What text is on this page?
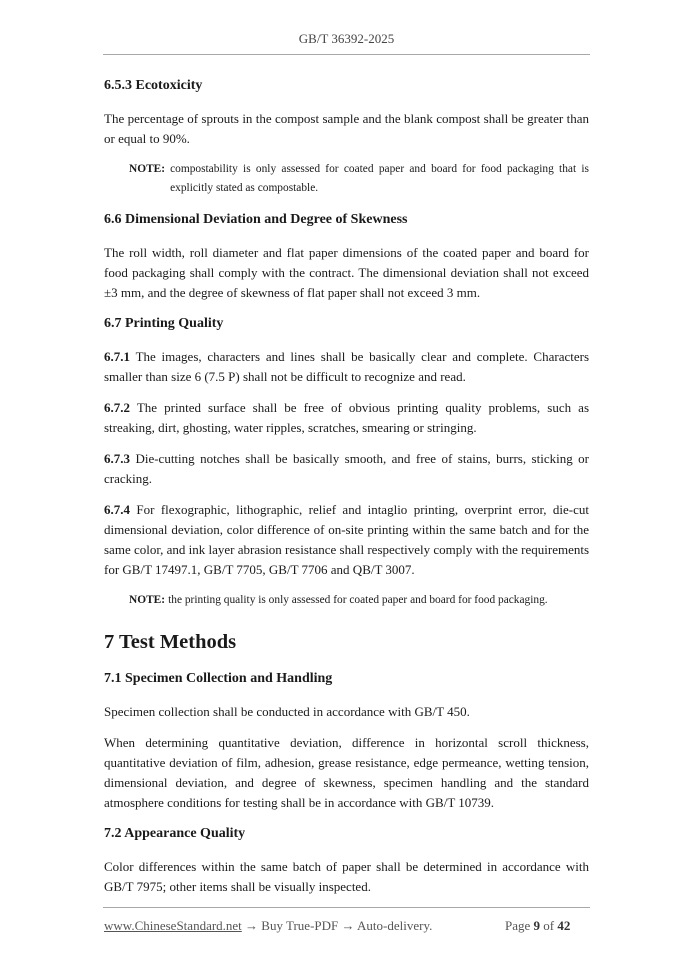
GB/T 36392-2025
6.5.3 Ecotoxicity

The percentage of sprouts in the compost sample and the blank compost shall be greater than or equal to 90%.

NOTE: compostability is only assessed for coated paper and board for food packaging that is explicitly stated as compostable.
6.6 Dimensional Deviation and Degree of Skewness

The roll width, roll diameter and flat paper dimensions of the coated paper and board for food packaging shall comply with the contract. The dimensional deviation shall not exceed ±3 mm, and the degree of skewness of flat paper shall not exceed 3 mm.

6.7 Printing Quality

6.7.1 The images, characters and lines shall be basically clear and complete. Characters smaller than size 6 (7.5 P) shall not be difficult to recognize and read.

6.7.2 The printed surface shall be free of obvious printing quality problems, such as streaking, dirt, ghosting, water ripples, scratches, smearing or stringing.

6.7.3 Die-cutting notches shall be basically smooth, and free of stains, burrs, sticking or cracking.

6.7.4 For flexographic, lithographic, relief and intaglio printing, overprint error, die-cut dimensional deviation, color difference of on-site printing within the same batch and for the same color, and ink layer abrasion resistance shall respectively comply with the requirements for GB/T 17497.1, GB/T 7705, GB/T 7706 and QB/T 3007.

NOTE: the printing quality is only assessed for coated paper and board for food packaging.
7 Test Methods
7.1 Specimen Collection and Handling

Specimen collection shall be conducted in accordance with GB/T 450.

When determining quantitative deviation, difference in horizontal scroll thickness, quantitative deviation of film, adhesion, grease resistance, edge permeance, wetting tension, dimensional deviation, and degree of skewness, specimen handling and the standard atmosphere conditions for testing shall be in accordance with GB/T 10739.

7.2 Appearance Quality

Color differences within the same batch of paper shall be determined in accordance with GB/T 7975; other items shall be visually inspected.

www.ChineseStandard.net → Buy True-PDF → Auto-delivery.	Page 9 of 42
